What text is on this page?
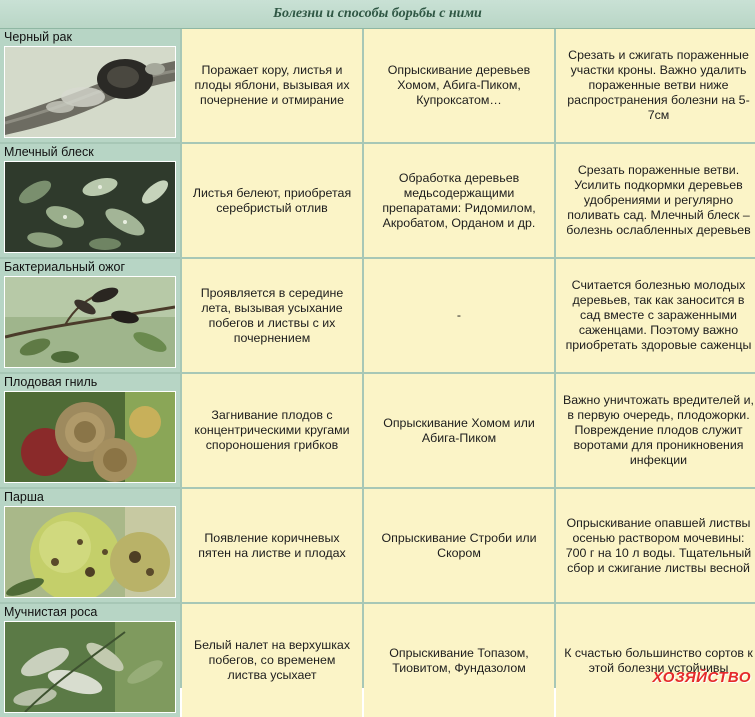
Болезни и способы борьбы с ними
Черный рак
Поражает кору, листья и плоды яблони, вызывая их почернение и отмирание
Опрыскивание деревьев Хомом, Абига-Пиком, Купроксатом…
Срезать и сжигать пораженные участки кроны. Важно удалить пораженные ветви ниже распространения болезни на 5-7см
Млечный блеск
Листья белеют, приобретая серебристый отлив
Обработка деревьев медьсодержащими препаратами: Ридомилом, Акробатом, Орданом и др.
Срезать пораженные ветви. Усилить подкормки деревьев удобрениями и регулярно поливать сад. Млечный блеск – болезнь ослабленных деревьев
Бактериальный ожог
Проявляется в середине лета, вызывая усыхание побегов и листвы с их почернением
-
Считается болезнью молодых деревьев, так как заносится в сад вместе с зараженными саженцами. Поэтому важно приобретать здоровые саженцы
Плодовая гниль
Загнивание плодов с концентрическими кругами спороношения грибков
Опрыскивание Хомом или Абига-Пиком
Важно уничтожать вредителей и, в первую очередь, плодожорки. Повреждение плодов служит воротами для проникновения инфекции
Парша
Появление коричневых пятен на листве и плодах
Опрыскивание Строби или Скором
Опрыскивание опавшей листвы осенью раствором мочевины: 700 г на 10 л воды. Тщательный сбор и сжигание листвы весной
Мучнистая роса
Белый налет на верхушках побегов, со временем листва усыхает
Опрыскивание Топазом, Тиовитом, Фундазолом
К счастью большинство сортов к этой болезни устойчивы
ХОЗЯЙСТВО
